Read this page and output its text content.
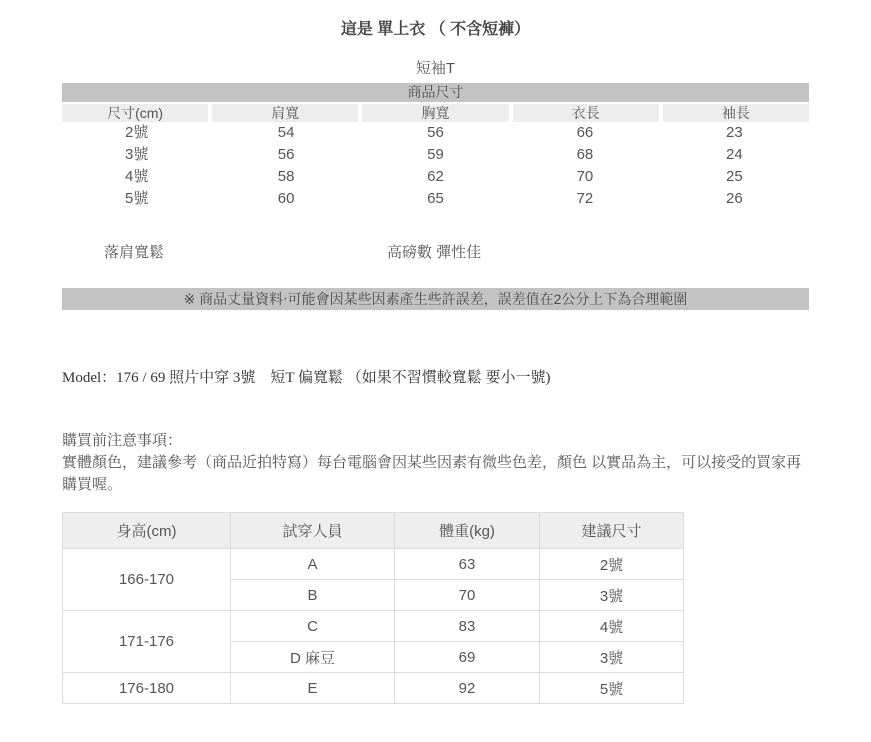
這是 單上衣 （ 不含短褲）
短袖T
商品尺寸
尺寸(cm)	肩寬	胸寬	衣長	袖長
2號	54	56	66	23
3號	56	59	68	24
4號	58	62	70	25
5號	60	65	72	26
落肩寬鬆	高磅數 彈性佳
※ 商品丈量資料‧可能會因某些因素產生些許誤差，誤差值在2公分上下為合理範圍
Model：176 / 69 照片中穿 3號　短T 偏寬鬆 （如果不習慣較寬鬆 要小一號)
購買前注意事項：
實體顏色，建議參考（商品近拍特寫）每台電腦會因某些因素有微些色差，顏色 以實品為主，可以接受的買家再購買喔。
身高(cm)	試穿人員	體重(kg)	建議尺寸
166-170	A	63	2號
	B	70	3號
171-176	C	83	4號
	D 麻豆	69	3號
176-180	E	92	5號
